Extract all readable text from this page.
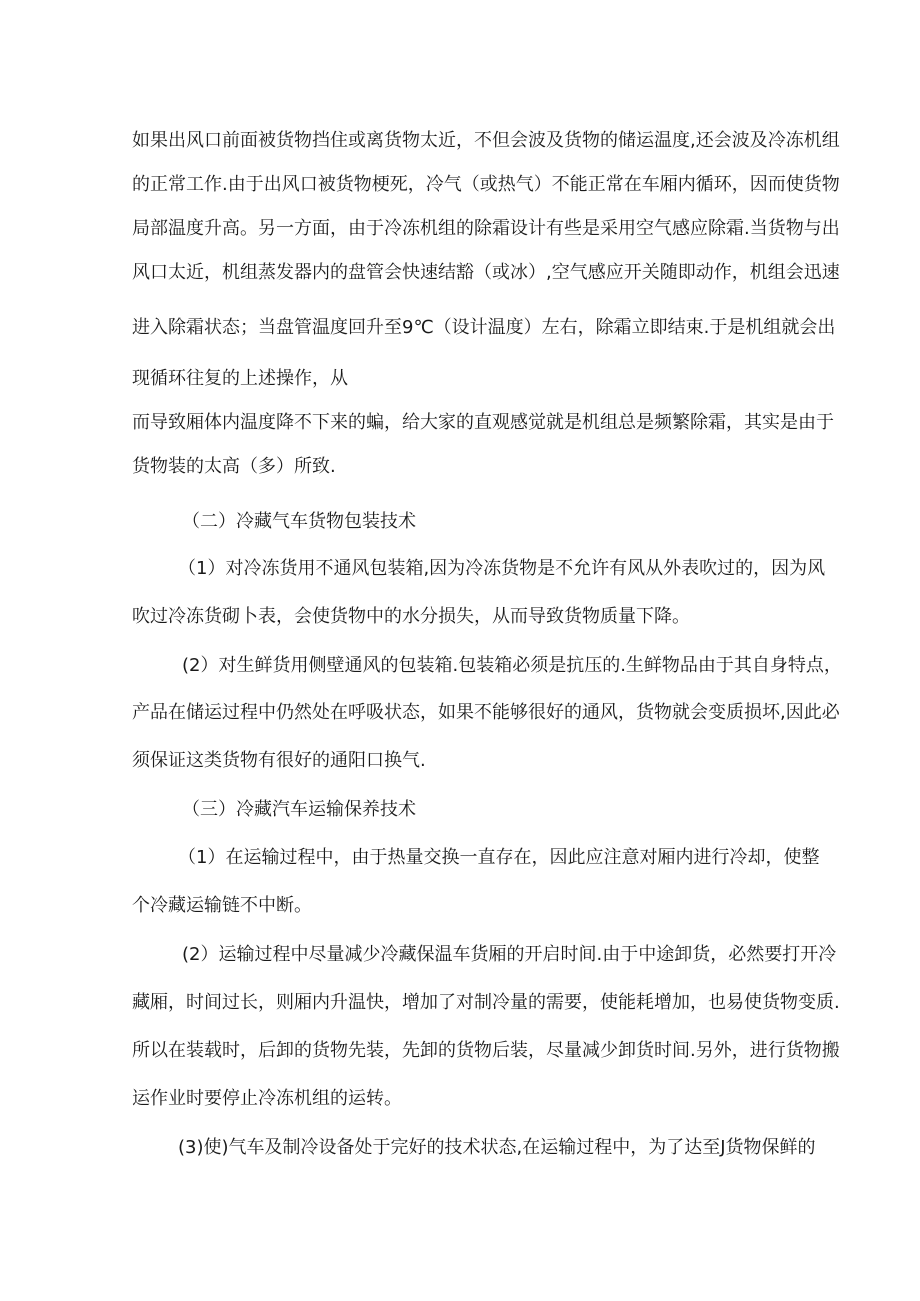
如果出风口前面被货物挡住或离货物太近，不但会波及货物的储运温度,还会波及冷冻机组
的正常工作.由于出风口被货物梗死，冷气（或热气）不能正常在车厢内循环，因而使货物
局部温度升高。另一方面，由于冷冻机组的除霜设计有些是采用空气感应除霜.当货物与出
风口太近，机组蒸发器内的盘管会快速结豁（或冰）,空气感应开关随即动作，机组会迅速
进入除霜状态；当盘管温度回升至9℃（设计温度）左右，除霜立即结束.于是机组就会出
现循环往复的上述操作，从
而导致厢体内温度降不下来的蝙，给大家的直观感觉就是机组总是频繁除霜，其实是由于
货物装的太高（多）所致.
（二）冷藏气车货物包装技术
（1）对冷冻货用不通风包装箱,因为冷冻货物是不允许有风从外表吹过的，因为风
吹过冷冻货砌卜表，会使货物中的水分损失，从而导致货物质量下降。
(2）对生鲜货用侧壁通风的包装箱.包装箱必须是抗压的.生鲜物品由于其自身特点，
产品在储运过程中仍然处在呼吸状态，如果不能够很好的通风，货物就会变质损坏,因此必
须保证这类货物有很好的通阳口换气.
（三）冷藏汽车运输保养技术
（1）在运输过程中，由于热量交换一直存在，因此应注意对厢内进行冷却，使整
个冷藏运输链不中断。
(2）运输过程中尽量减少冷藏保温车货厢的开启时间.由于中途卸货，必然要打开冷
藏厢，时间过长，则厢内升温快，增加了对制冷量的需要，使能耗增加，也易使货物变质.
所以在装载时，后卸的货物先装，先卸的货物后装，尽量减少卸货时间.另外，进行货物搬
运作业时要停止冷冻机组的运转。
(3)使)气车及制冷设备处于完好的技术状态,在运输过程中，为了达至J货物保鲜的
